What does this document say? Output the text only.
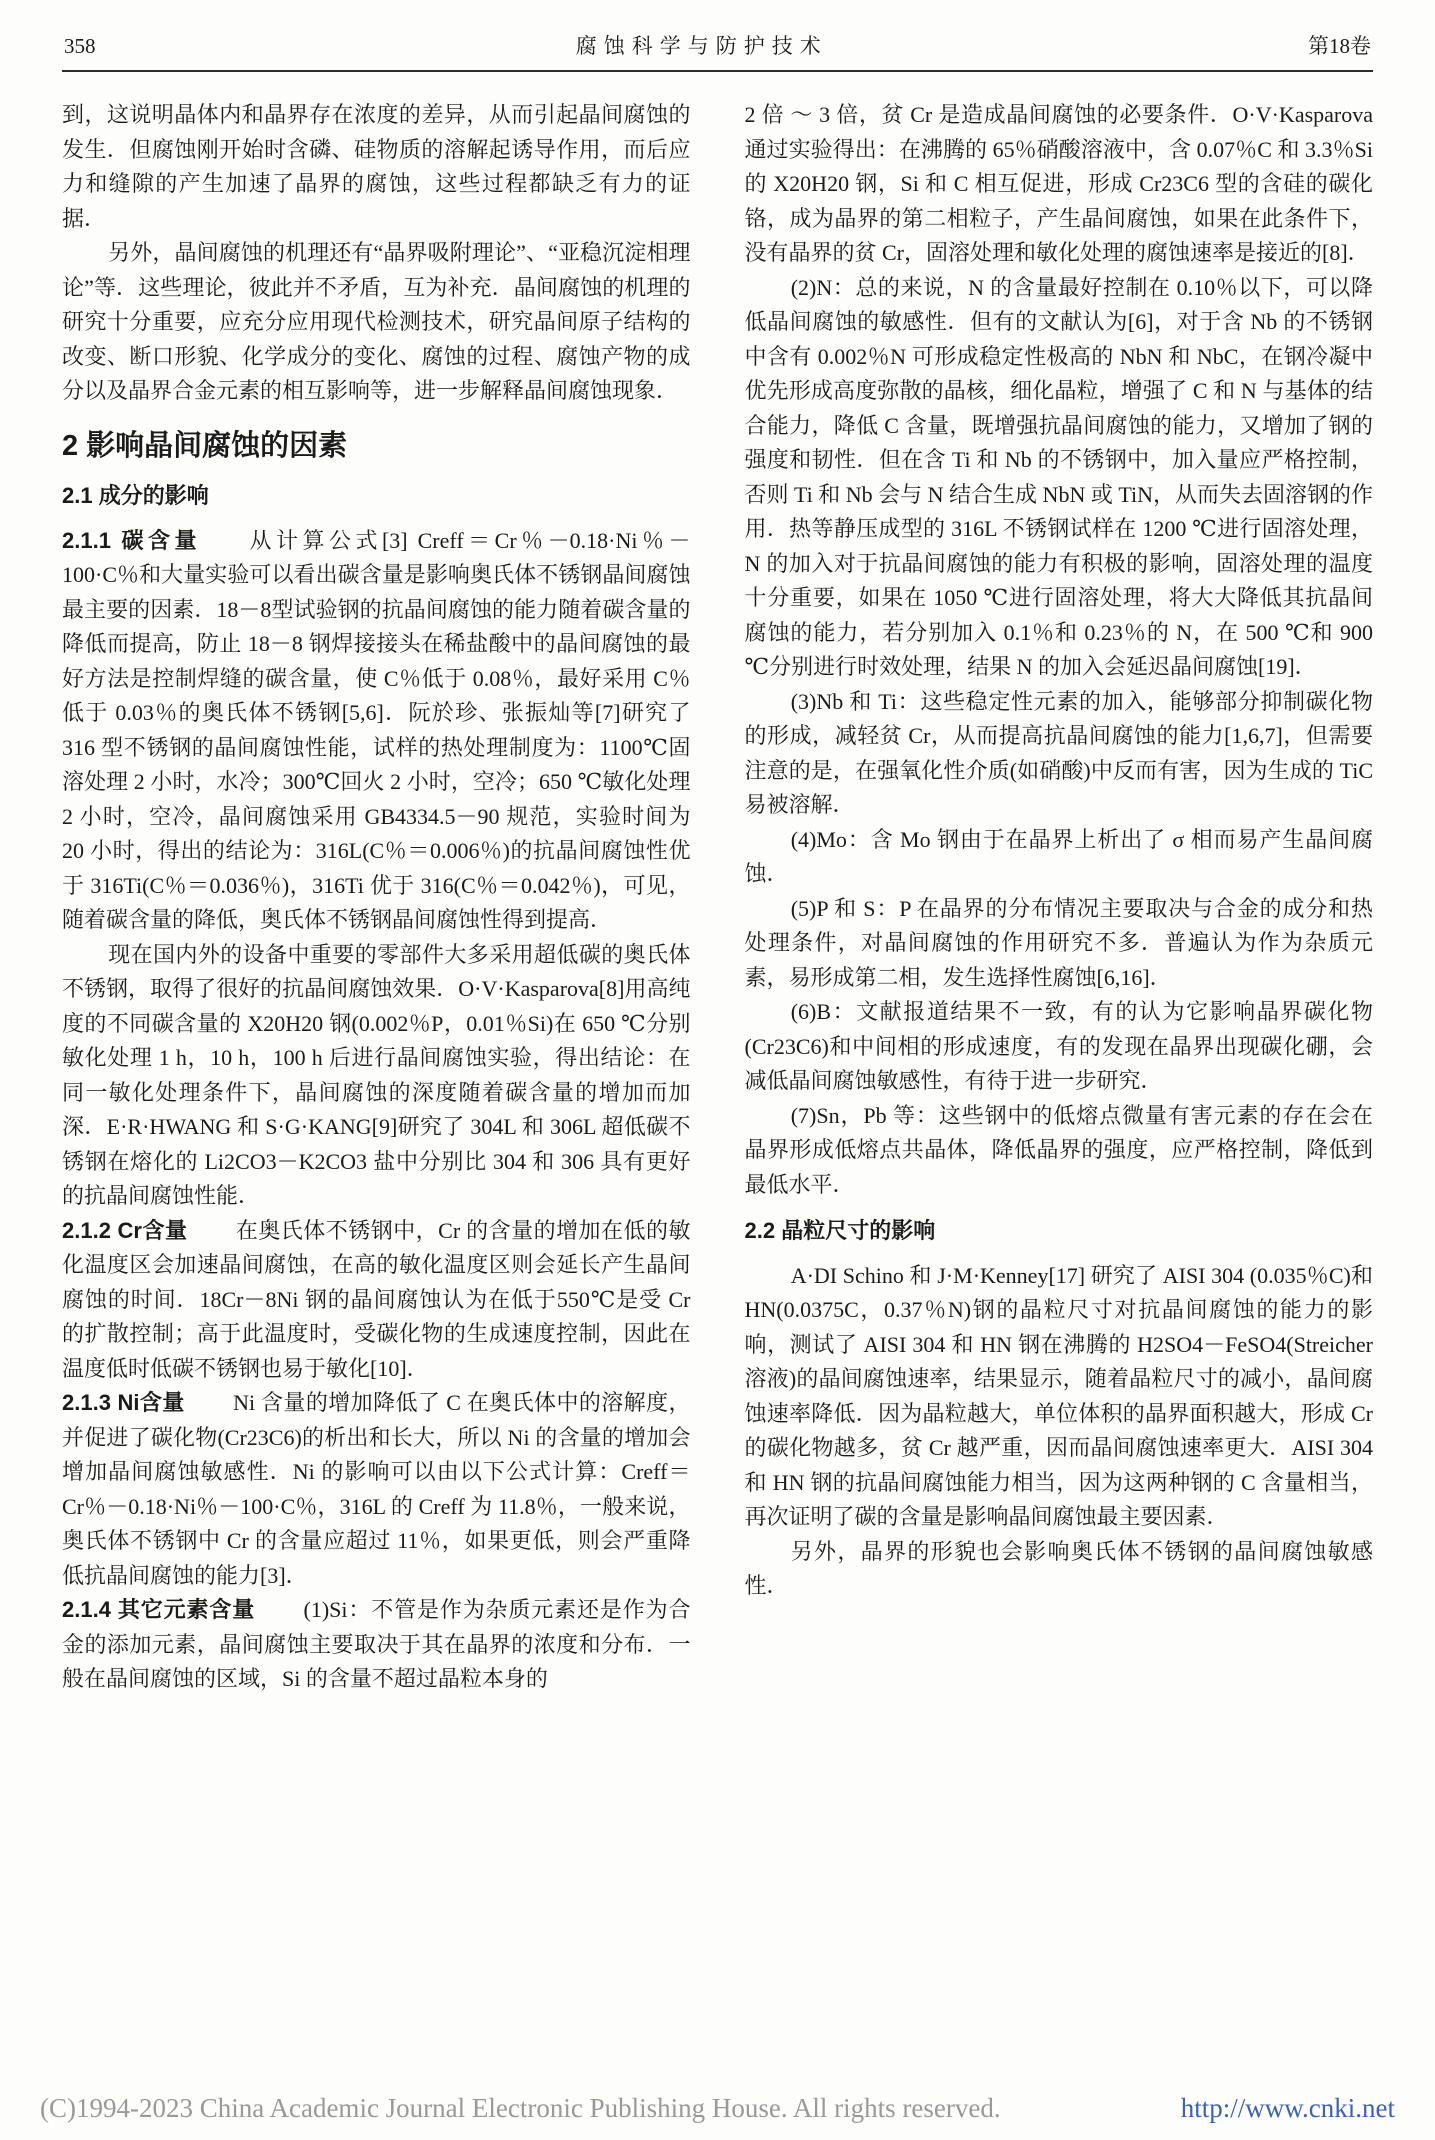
358	腐蚀科学与防护技术	第18卷

到，这说明晶体内和晶界存在浓度的差异，从而引起晶间腐蚀的发生．但腐蚀刚开始时含磷、硅物质的溶解起诱导作用，而后应力和缝隙的产生加速了晶界的腐蚀，这些过程都缺乏有力的证据．

另外，晶间腐蚀的机理还有“晶界吸附理论”、“亚稳沉淀相理论”等．这些理论，彼此并不矛盾，互为补充．晶间腐蚀的机理的研究十分重要，应充分应用现代检测技术，研究晶间原子结构的改变、断口形貌、化学成分的变化、腐蚀的过程、腐蚀产物的成分以及晶界合金元素的相互影响等，进一步解释晶间腐蚀现象．

2 影响晶间腐蚀的因素
2.1 成分的影响

2.1.1 碳含量 从计算公式[3] Creff＝Cr％－0.18·Ni％－100·C％和大量实验可以看出碳含量是影响奥氏体不锈钢晶间腐蚀最主要的因素．18－8型试验钢的抗晶间腐蚀的能力随着碳含量的降低而提高，防止 18－8 钢焊接接头在稀盐酸中的晶间腐蚀的最好方法是控制焊缝的碳含量，使 C％低于 0.08％，最好采用 C％低于 0.03％的奥氏体不锈钢[5,6]．阮於珍、张振灿等[7]研究了 316 型不锈钢的晶间腐蚀性能，试样的热处理制度为：1100℃固溶处理 2 小时，水冷；300℃回火 2 小时，空冷；650 ℃敏化处理 2 小时，空冷，晶间腐蚀采用 GB4334.5－90 规范，实验时间为 20 小时，得出的结论为：316L(C％＝0.006％)的抗晶间腐蚀性优于 316Ti(C％＝0.036％)，316Ti 优于 316(C％＝0.042％)，可见，随着碳含量的降低，奥氏体不锈钢晶间腐蚀性得到提高．

现在国内外的设备中重要的零部件大多采用超低碳的奥氏体不锈钢，取得了很好的抗晶间腐蚀效果．O·V·Kasparova[8]用高纯度的不同碳含量的 X20H20 钢(0.002％P，0.01％Si)在 650 ℃分别敏化处理 1 h，10 h，100 h 后进行晶间腐蚀实验，得出结论：在同一敏化处理条件下，晶间腐蚀的深度随着碳含量的增加而加深．E·R·HWANG 和 S·G·KANG[9]研究了 304L 和 306L 超低碳不锈钢在熔化的 Li2CO3－K2CO3 盐中分别比 304 和 306 具有更好的抗晶间腐蚀性能．

2.1.2 Cr含量 在奥氏体不锈钢中，Cr 的含量的增加在低的敏化温度区会加速晶间腐蚀，在高的敏化温度区则会延长产生晶间腐蚀的时间．18Cr－8Ni 钢的晶间腐蚀认为在低于550℃是受 Cr 的扩散控制；高于此温度时，受碳化物的生成速度控制，因此在温度低时低碳不锈钢也易于敏化[10]．

2.1.3 Ni含量 Ni 含量的增加降低了 C 在奥氏体中的溶解度，并促进了碳化物(Cr23C6)的析出和长大，所以 Ni 的含量的增加会增加晶间腐蚀敏感性．Ni 的影响可以由以下公式计算：Creff＝Cr％－0.18·Ni％－100·C％，316L 的 Creff 为 11.8％，一般来说，奥氏体不锈钢中 Cr 的含量应超过 11％，如果更低，则会严重降低抗晶间腐蚀的能力[3]．

2.1.4 其它元素含量 (1)Si：不管是作为杂质元素还是作为合金的添加元素，晶间腐蚀主要取决于其在晶界的浓度和分布．一般在晶间腐蚀的区域，Si 的含量不超过晶粒本身的

2 倍 ～ 3 倍，贫 Cr 是造成晶间腐蚀的必要条件．O·V·Kasparova 通过实验得出：在沸腾的 65％硝酸溶液中，含 0.07％C 和 3.3％Si 的 X20H20 钢，Si 和 C 相互促进，形成 Cr23C6 型的含硅的碳化铬，成为晶界的第二相粒子，产生晶间腐蚀，如果在此条件下，没有晶界的贫 Cr，固溶处理和敏化处理的腐蚀速率是接近的[8]．

(2)N：总的来说，N 的含量最好控制在 0.10％以下，可以降低晶间腐蚀的敏感性．但有的文献认为[6]，对于含 Nb 的不锈钢中含有 0.002％N 可形成稳定性极高的 NbN 和 NbC，在钢冷凝中优先形成高度弥散的晶核，细化晶粒，增强了 C 和 N 与基体的结合能力，降低 C 含量，既增强抗晶间腐蚀的能力，又增加了钢的强度和韧性．但在含 Ti 和 Nb 的不锈钢中，加入量应严格控制，否则 Ti 和 Nb 会与 N 结合生成 NbN 或 TiN，从而失去固溶钢的作用．热等静压成型的 316L 不锈钢试样在 1200 ℃进行固溶处理，N 的加入对于抗晶间腐蚀的能力有积极的影响，固溶处理的温度十分重要，如果在 1050 ℃进行固溶处理，将大大降低其抗晶间腐蚀的能力，若分别加入 0.1％和 0.23％的 N，在 500 ℃和 900 ℃分别进行时效处理，结果 N 的加入会延迟晶间腐蚀[19]．

(3)Nb 和 Ti：这些稳定性元素的加入，能够部分抑制碳化物的形成，减轻贫 Cr，从而提高抗晶间腐蚀的能力[1,6,7]，但需要注意的是，在强氧化性介质(如硝酸)中反而有害，因为生成的 TiC 易被溶解．

(4)Mo：含 Mo 钢由于在晶界上析出了 σ 相而易产生晶间腐蚀．

(5)P 和 S：P 在晶界的分布情况主要取决与合金的成分和热处理条件，对晶间腐蚀的作用研究不多．普遍认为作为杂质元素，易形成第二相，发生选择性腐蚀[6,16]．

(6)B：文献报道结果不一致，有的认为它影响晶界碳化物(Cr23C6)和中间相的形成速度，有的发现在晶界出现碳化硼，会减低晶间腐蚀敏感性，有待于进一步研究．

(7)Sn，Pb 等：这些钢中的低熔点微量有害元素的存在会在晶界形成低熔点共晶体，降低晶界的强度，应严格控制，降低到最低水平．

2.2 晶粒尺寸的影响

A·DI Schino 和 J·M·Kenney[17] 研究了 AISI 304 (0.035％C)和 HN(0.0375C，0.37％N)钢的晶粒尺寸对抗晶间腐蚀的能力的影响，测试了 AISI 304 和 HN 钢在沸腾的 H2SO4－FeSO4(Streicher 溶液)的晶间腐蚀速率，结果显示，随着晶粒尺寸的减小，晶间腐蚀速率降低．因为晶粒越大，单位体积的晶界面积越大，形成 Cr 的碳化物越多，贫 Cr 越严重，因而晶间腐蚀速率更大．AISI 304 和 HN 钢的抗晶间腐蚀能力相当，因为这两种钢的 C 含量相当，再次证明了碳的含量是影响晶间腐蚀最主要因素．

另外，晶界的形貌也会影响奥氏体不锈钢的晶间腐蚀敏感性．

(C)1994-2023 China Academic Journal Electronic Publishing House. All rights reserved.	http://www.cnki.net
